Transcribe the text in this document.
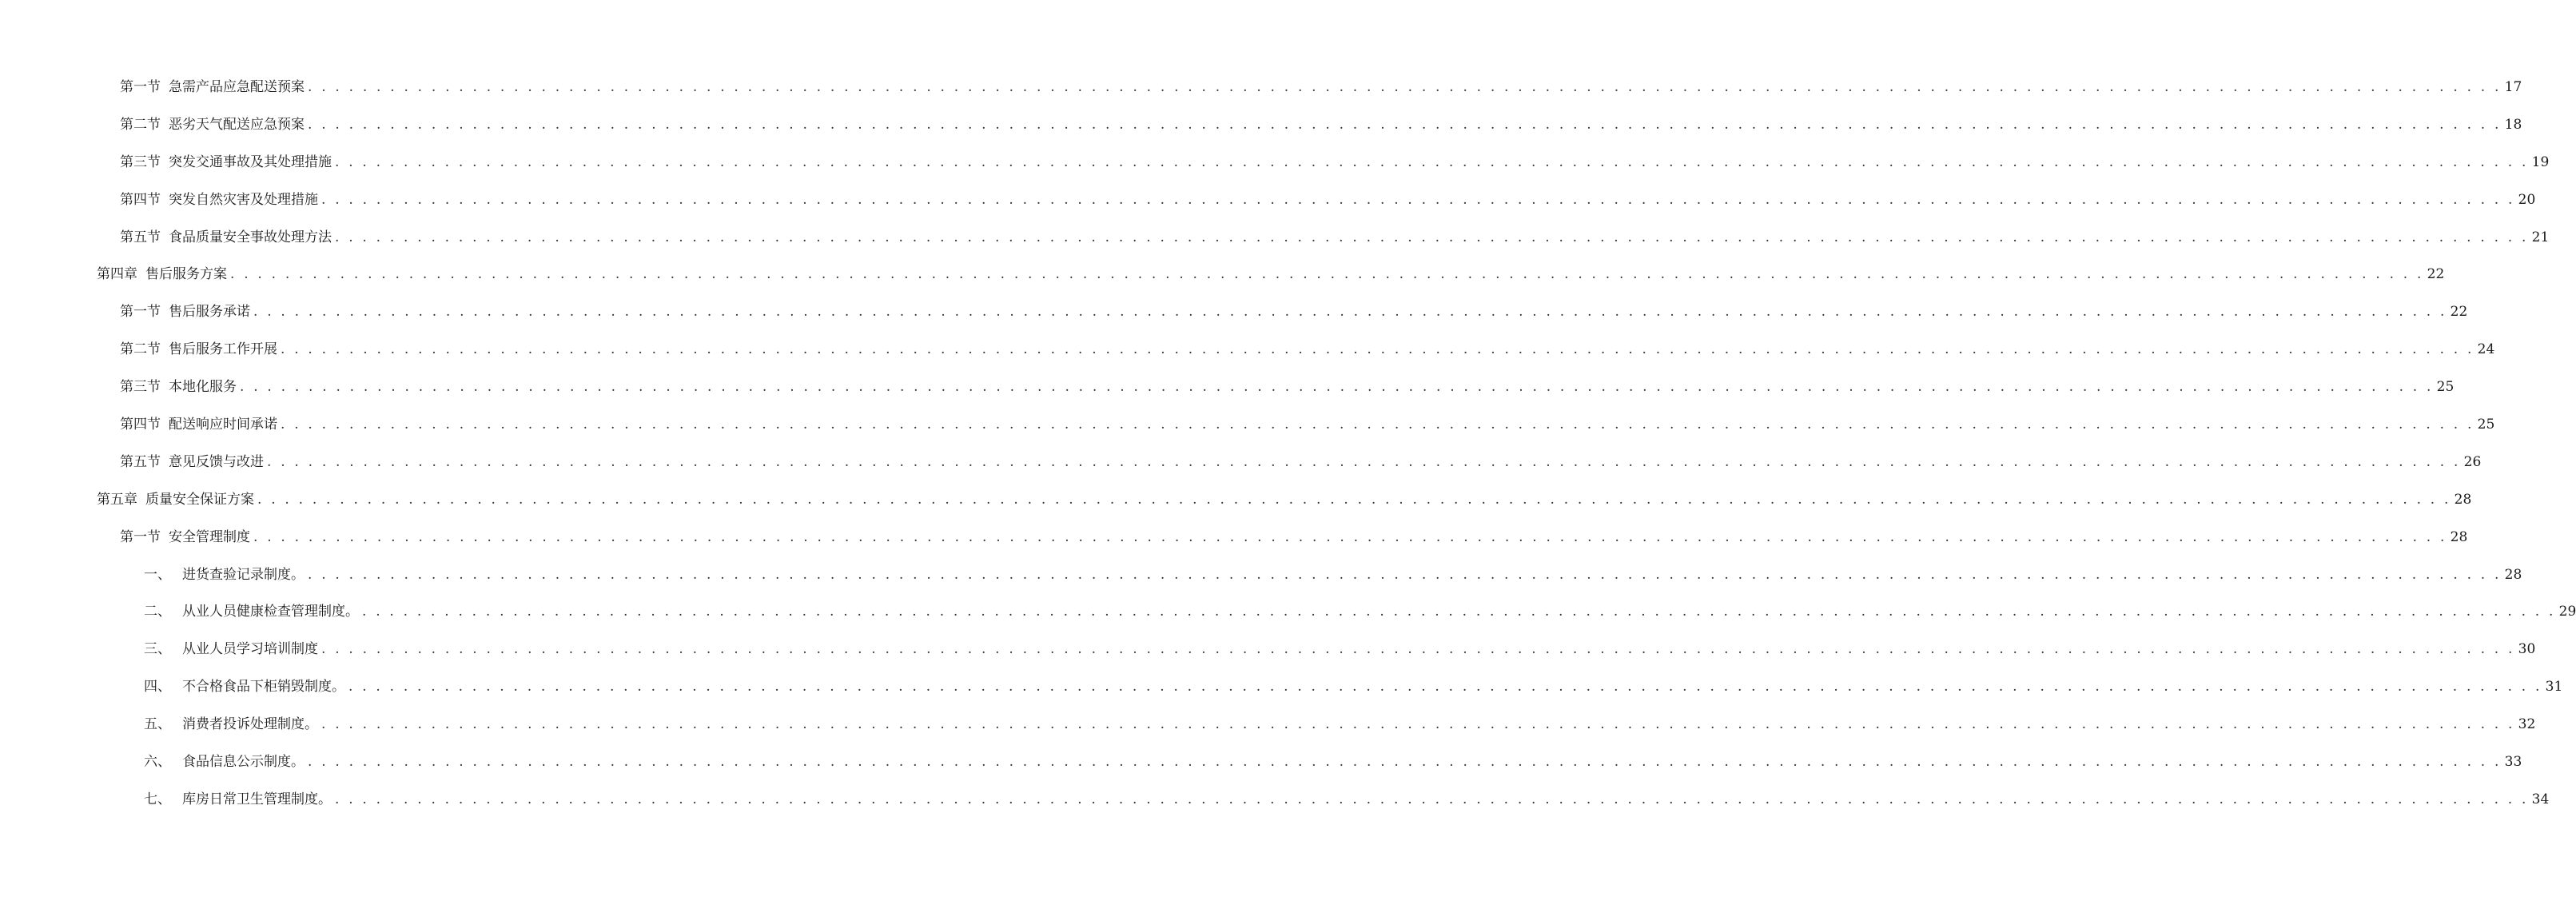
第一节 急需产品应急配送预案 . . . . . . . . . . . . . . . . . . . . . . . . . . . . . . . . . . . . . . . . . . . . . . . . . . . . . . . . . . . . . . . . . . . . . . . . . . . . . . . . . . . . . . . . . . . . . . . . . . . . . . . . . . . . . . . . . . . . . . . . . . . . . . . . . . . . . . . . . . . . . . . . . . . . . . . . . . . . . . . . 17
第二节 恶劣天气配送应急预案 . . . . . . . . . . . . . . . . . . . . . . . . . . . . . . . . . . . . . . . . . . . . . . . . . . . . . . . . . . . . . . . . . . . . . . . . . . . . . . . . . . . . . . . . . . . . . . . . . . . . . . . . . . . . . . . . . . . . . . . . . . . . . . . . . . . . . . . . . . . . . . . . . . . . . . . . . . . . . . . . 18
第三节 突发交通事故及其处理措施 . . . . . . . . . . . . . . . . . . . . . . . . . . . . . . . . . . . . . . . . . . . . . . . . . . . . . . . . . . . . . . . . . . . . . . . . . . . . . . . . . . . . . . . . . . . . . . . . . . . . . . . . . . . . . . . . . . . . . . . . . . . . . . . . . . . . . . . . . . . . . . . . . . . . . . . . . . . . . . . . 19
第四节 突发自然灾害及处理措施 . . . . . . . . . . . . . . . . . . . . . . . . . . . . . . . . . . . . . . . . . . . . . . . . . . . . . . . . . . . . . . . . . . . . . . . . . . . . . . . . . . . . . . . . . . . . . . . . . . . . . . . . . . . . . . . . . . . . . . . . . . . . . . . . . . . . . . . . . . . . . . . . . . . . . . . . . . . . . . . . 20
第五节 食品质量安全事故处理方法 . . . . . . . . . . . . . . . . . . . . . . . . . . . . . . . . . . . . . . . . . . . . . . . . . . . . . . . . . . . . . . . . . . . . . . . . . . . . . . . . . . . . . . . . . . . . . . . . . . . . . . . . . . . . . . . . . . . . . . . . . . . . . . . . . . . . . . . . . . . . . . . . . . . . . . . . . . . . . . . . 21
第四章 售后服务方案 . . . . . . . . . . . . . . . . . . . . . . . . . . . . . . . . . . . . . . . . . . . . . . . . . . . . . . . . . . . . . . . . . . . . . . . . . . . . . . . . . . . . . . . . . . . . . . . . . . . . . . . . . . . . . . . . . . . . . . . . . . . . . . . . . . . . . . . . . . . . . . . . . . . . . . . . . . . . . . . . 22
第一节 售后服务承诺 . . . . . . . . . . . . . . . . . . . . . . . . . . . . . . . . . . . . . . . . . . . . . . . . . . . . . . . . . . . . . . . . . . . . . . . . . . . . . . . . . . . . . . . . . . . . . . . . . . . . . . . . . . . . . . . . . . . . . . . . . . . . . . . . . . . . . . . . . . . . . . . . . . . . . . . . . . . . . . . . 22
第二节 售后服务工作开展 . . . . . . . . . . . . . . . . . . . . . . . . . . . . . . . . . . . . . . . . . . . . . . . . . . . . . . . . . . . . . . . . . . . . . . . . . . . . . . . . . . . . . . . . . . . . . . . . . . . . . . . . . . . . . . . . . . . . . . . . . . . . . . . . . . . . . . . . . . . . . . . . . . . . . . . . . . . . . . . . 24
第三节 本地化服务 . . . . . . . . . . . . . . . . . . . . . . . . . . . . . . . . . . . . . . . . . . . . . . . . . . . . . . . . . . . . . . . . . . . . . . . . . . . . . . . . . . . . . . . . . . . . . . . . . . . . . . . . . . . . . . . . . . . . . . . . . . . . . . . . . . . . . . . . . . . . . . . . . . . . . . . . . . . . . . . . 25
第四节 配送响应时间承诺 . . . . . . . . . . . . . . . . . . . . . . . . . . . . . . . . . . . . . . . . . . . . . . . . . . . . . . . . . . . . . . . . . . . . . . . . . . . . . . . . . . . . . . . . . . . . . . . . . . . . . . . . . . . . . . . . . . . . . . . . . . . . . . . . . . . . . . . . . . . . . . . . . . . . . . . . . . . . . . . . 25
第五节 意见反馈与改进 . . . . . . . . . . . . . . . . . . . . . . . . . . . . . . . . . . . . . . . . . . . . . . . . . . . . . . . . . . . . . . . . . . . . . . . . . . . . . . . . . . . . . . . . . . . . . . . . . . . . . . . . . . . . . . . . . . . . . . . . . . . . . . . . . . . . . . . . . . . . . . . . . . . . . . . . . . . . . . . . 26
第五章 质量安全保证方案 . . . . . . . . . . . . . . . . . . . . . . . . . . . . . . . . . . . . . . . . . . . . . . . . . . . . . . . . . . . . . . . . . . . . . . . . . . . . . . . . . . . . . . . . . . . . . . . . . . . . . . . . . . . . . . . . . . . . . . . . . . . . . . . . . . . . . . . . . . . . . . . . . . . . . . . . . . . . . . . . 28
第一节 安全管理制度 . . . . . . . . . . . . . . . . . . . . . . . . . . . . . . . . . . . . . . . . . . . . . . . . . . . . . . . . . . . . . . . . . . . . . . . . . . . . . . . . . . . . . . . . . . . . . . . . . . . . . . . . . . . . . . . . . . . . . . . . . . . . . . . . . . . . . . . . . . . . . . . . . . . . . . . . . . . . . . . . 28
一、 进货查验记录制度。 . . . . . . . . . . . . . . . . . . . . . . . . . . . . . . . . . . . . . . . . . . . . . . . . . . . . . . . . . . . . . . . . . . . . . . . . . . . . . . . . . . . . . . . . . . . . . . . . . . . . . . . . . . . . . . . . . . . . . . . . . . . . . . . . . . . . . . . . . . . . . . . . . . . . . . . . . . . . . . . . 28
二、 从业人员健康检查管理制度。 . . . . . . . . . . . . . . . . . . . . . . . . . . . . . . . . . . . . . . . . . . . . . . . . . . . . . . . . . . . . . . . . . . . . . . . . . . . . . . . . . . . . . . . . . . . . . . . . . . . . . . . . . . . . . . . . . . . . . . . . . . . . . . . . . . . . . . . . . . . . . . . . . . . . . . . . . . . . . . . . 29
三、 从业人员学习培训制度 . . . . . . . . . . . . . . . . . . . . . . . . . . . . . . . . . . . . . . . . . . . . . . . . . . . . . . . . . . . . . . . . . . . . . . . . . . . . . . . . . . . . . . . . . . . . . . . . . . . . . . . . . . . . . . . . . . . . . . . . . . . . . . . . . . . . . . . . . . . . . . . . . . . . . . . . . . . . . . . . 30
四、 不合格食品下柜销毁制度。 . . . . . . . . . . . . . . . . . . . . . . . . . . . . . . . . . . . . . . . . . . . . . . . . . . . . . . . . . . . . . . . . . . . . . . . . . . . . . . . . . . . . . . . . . . . . . . . . . . . . . . . . . . . . . . . . . . . . . . . . . . . . . . . . . . . . . . . . . . . . . . . . . . . . . . . . . . . . . . . . 31
五、 消费者投诉处理制度。 . . . . . . . . . . . . . . . . . . . . . . . . . . . . . . . . . . . . . . . . . . . . . . . . . . . . . . . . . . . . . . . . . . . . . . . . . . . . . . . . . . . . . . . . . . . . . . . . . . . . . . . . . . . . . . . . . . . . . . . . . . . . . . . . . . . . . . . . . . . . . . . . . . . . . . . . . . . . . . . . 32
六、 食品信息公示制度。 . . . . . . . . . . . . . . . . . . . . . . . . . . . . . . . . . . . . . . . . . . . . . . . . . . . . . . . . . . . . . . . . . . . . . . . . . . . . . . . . . . . . . . . . . . . . . . . . . . . . . . . . . . . . . . . . . . . . . . . . . . . . . . . . . . . . . . . . . . . . . . . . . . . . . . . . . . . . . . . . 33
七、 库房日常卫生管理制度。 . . . . . . . . . . . . . . . . . . . . . . . . . . . . . . . . . . . . . . . . . . . . . . . . . . . . . . . . . . . . . . . . . . . . . . . . . . . . . . . . . . . . . . . . . . . . . . . . . . . . . . . . . . . . . . . . . . . . . . . . . . . . . . . . . . . . . . . . . . . . . . . . . . . . . . . . . . . . . . . . 34
